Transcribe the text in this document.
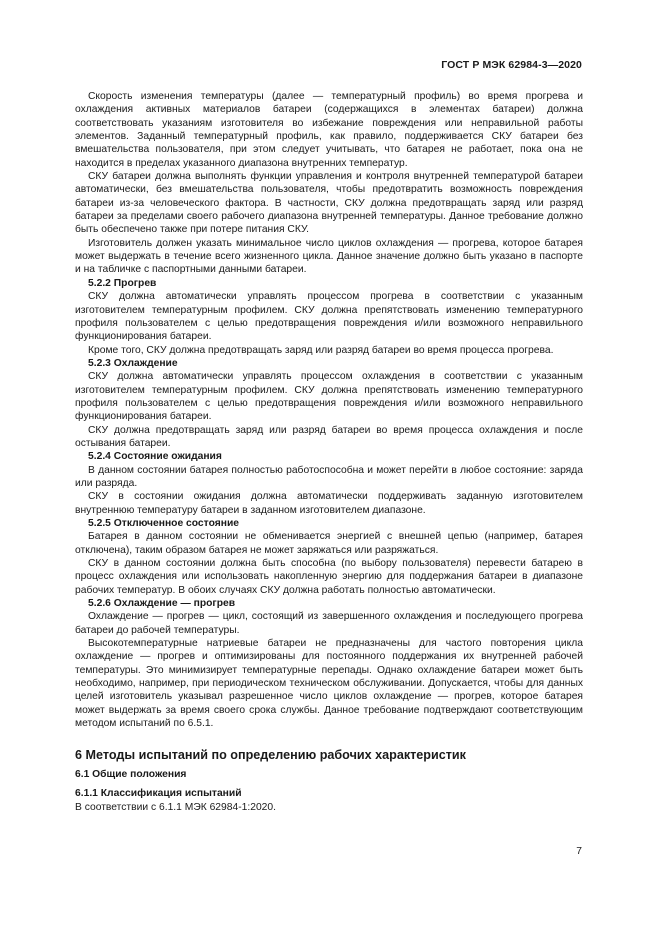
ГОСТ Р МЭК 62984-3—2020

Скорость изменения температуры (далее — температурный профиль) во время прогрева и охлаждения активных материалов батареи (содержащихся в элементах батареи) должна соответствовать указаниям изготовителя во избежание повреждения или неправильной работы элементов. Заданный температурный профиль, как правило, поддерживается СКУ батареи без вмешательства пользователя, при этом следует учитывать, что батарея не работает, пока она не находится в пределах указанного диапазона внутренних температур.

СКУ батареи должна выполнять функции управления и контроля внутренней температурой батареи автоматически, без вмешательства пользователя, чтобы предотвратить возможность повреждения батареи из-за человеческого фактора. В частности, СКУ должна предотвращать заряд или разряд батареи за пределами своего рабочего диапазона внутренней температуры. Данное требование должно быть обеспечено также при потере питания СКУ.

Изготовитель должен указать минимальное число циклов охлаждения — прогрева, которое батарея может выдержать в течение всего жизненного цикла. Данное значение должно быть указано в паспорте и на табличке с паспортными данными батареи.

5.2.2 Прогрев

СКУ должна автоматически управлять процессом прогрева в соответствии с указанным изготовителем температурным профилем. СКУ должна препятствовать изменению температурного профиля пользователем с целью предотвращения повреждения и/или возможного неправильного функционирования батареи.

Кроме того, СКУ должна предотвращать заряд или разряд батареи во время процесса прогрева.

5.2.3 Охлаждение

СКУ должна автоматически управлять процессом охлаждения в соответствии с указанным изготовителем температурным профилем. СКУ должна препятствовать изменению температурного профиля пользователем с целью предотвращения повреждения и/или возможного неправильного функционирования батареи.

СКУ должна предотвращать заряд или разряд батареи во время процесса охлаждения и после остывания батареи.

5.2.4 Состояние ожидания

В данном состоянии батарея полностью работоспособна и может перейти в любое состояние: заряда или разряда.

СКУ в состоянии ожидания должна автоматически поддерживать заданную изготовителем внутреннюю температуру батареи в заданном изготовителем диапазоне.

5.2.5 Отключенное состояние

Батарея в данном состоянии не обменивается энергией с внешней цепью (например, батарея отключена), таким образом батарея не может заряжаться или разряжаться.

СКУ в данном состоянии должна быть способна (по выбору пользователя) перевести батарею в процесс охлаждения или использовать накопленную энергию для поддержания батареи в диапазоне рабочих температур. В обоих случаях СКУ должна работать полностью автоматически.

5.2.6 Охлаждение — прогрев

Охлаждение — прогрев — цикл, состоящий из завершенного охлаждения и последующего прогрева батареи до рабочей температуры.

Высокотемпературные натриевые батареи не предназначены для частого повторения цикла охлаждение — прогрев и оптимизированы для постоянного поддержания их внутренней рабочей температуры. Это минимизирует температурные перепады. Однако охлаждение батареи может быть необходимо, например, при периодическом техническом обслуживании. Допускается, чтобы для данных целей изготовитель указывал разрешенное число циклов охлаждение — прогрев, которое батарея может выдержать за время своего срока службы. Данное требование подтверждают соответствующим методом испытаний по 6.5.1.

6 Методы испытаний по определению рабочих характеристик
6.1 Общие положения
6.1.1 Классификация испытаний

В соответствии с 6.1.1 МЭК 62984-1:2020.

7
